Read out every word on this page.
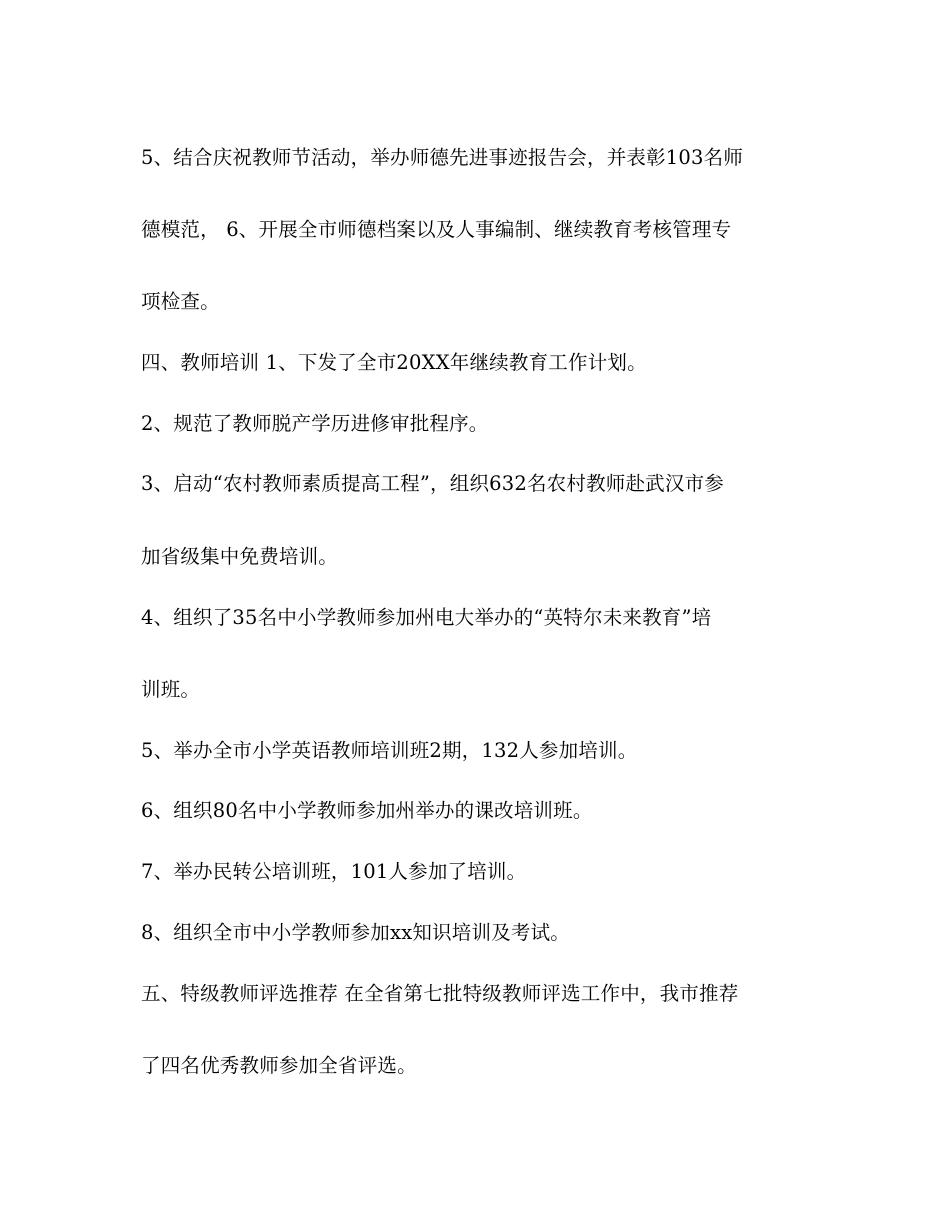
5、结合庆祝教师节活动，举办师德先进事迹报告会，并表彰103名师
德模范， 6、开展全市师德档案以及人事编制、继续教育考核管理专
项检查。
四、教师培训 1、下发了全市20XX年继续教育工作计划。
2、规范了教师脱产学历进修审批程序。
3、启动“农村教师素质提高工程”，组织632名农村教师赴武汉市参
加省级集中免费培训。
4、组织了35名中小学教师参加州电大举办的“英特尔未来教育”培
训班。
5、举办全市小学英语教师培训班2期，132人参加培训。
6、组织80名中小学教师参加州举办的课改培训班。
7、举办民转公培训班，101人参加了培训。
8、组织全市中小学教师参加xx知识培训及考试。
五、特级教师评选推荐 在全省第七批特级教师评选工作中，我市推荐
了四名优秀教师参加全省评选。
